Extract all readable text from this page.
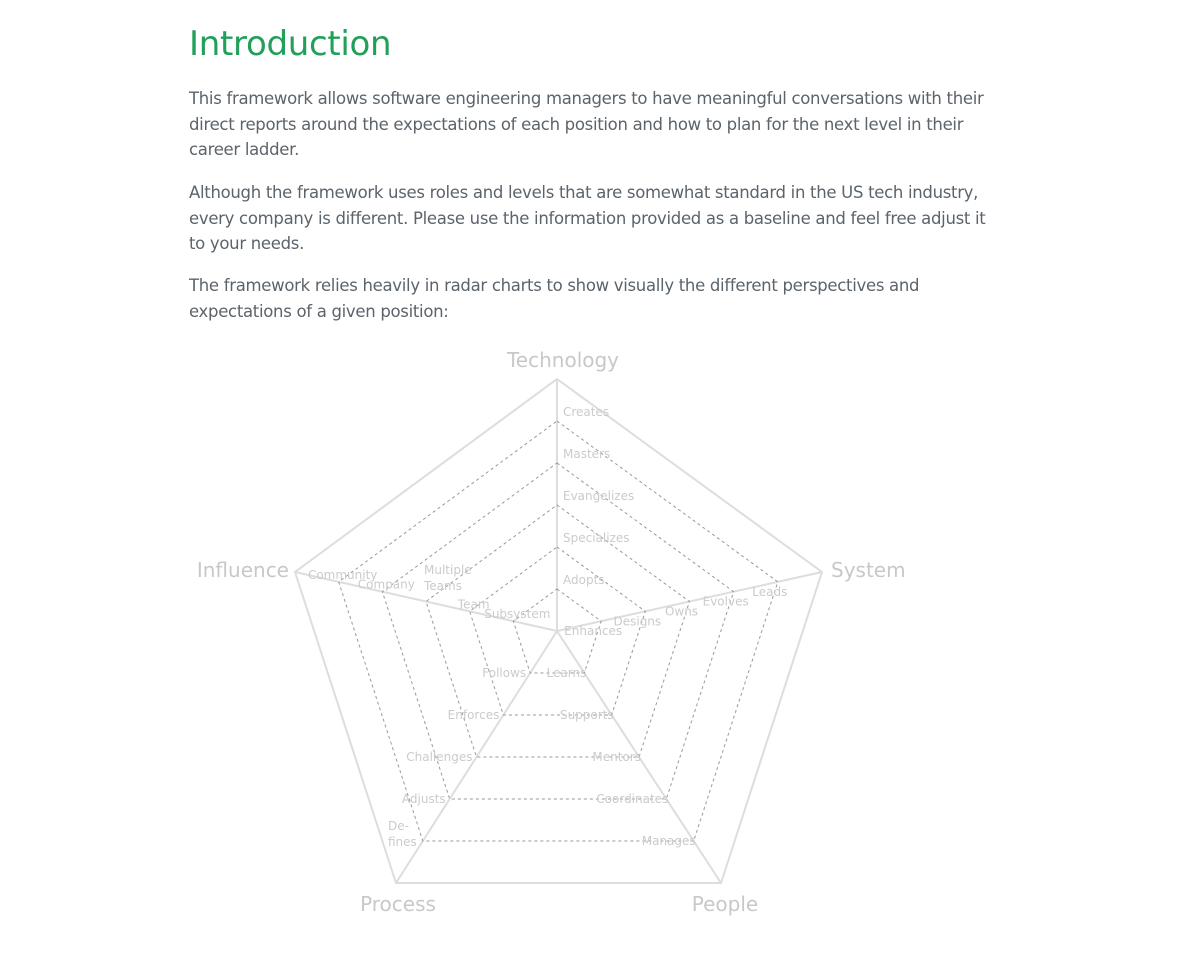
Introduction

This framework allows software engineering managers to have meaningful conversations with their direct reports around the expectations of each position and how to plan for the next level in their career ladder.

Although the framework uses roles and levels that are somewhat standard in the US tech industry, every company is different. Please use the information provided as a baseline and feel free adjust it to your needs.

The framework relies heavily in radar charts to show visually the different perspectives and expectations of a given position:

Adopts
Specializes
Evangelizes
Masters
Creates
Enhances
Designs
Owns
Evolves
Leads
Learns
Supports
Mentors
Coordinates
Manages
Follows
Enforces
Challenges
Adjusts
De-
fines
Subsystem
Team
Multiple
Teams
Company
Community
Technology
System
People
Process
Influence
